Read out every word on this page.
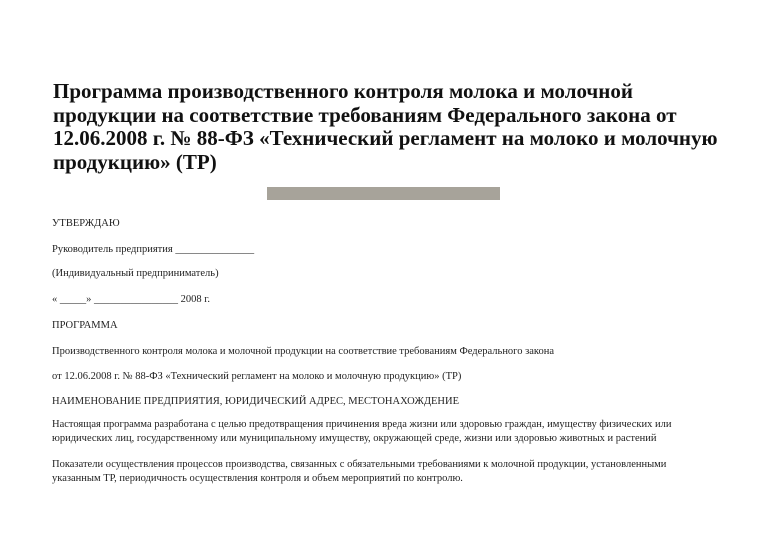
Программа производственного контроля молока и молочной продукции на соответствие требованиям Федерального закона от 12.06.2008 г. № 88-ФЗ «Технический регламент на молоко и молочную продукцию» (ТР)
УТВЕРЖДАЮ
Руководитель предприятия _______________
(Индивидуальный предприниматель)
« _____» ________________ 2008 г.
ПРОГРАММА
Производственного контроля молока и молочной продукции на соответствие требованиям Федерального закона
от 12.06.2008 г. № 88-ФЗ «Технический регламент на молоко и молочную продукцию» (ТР)
НАИМЕНОВАНИЕ ПРЕДПРИЯТИЯ, ЮРИДИЧЕСКИЙ АДРЕС, МЕСТОНАХОЖДЕНИЕ
Настоящая программа разработана с целью предотвращения причинения вреда жизни или здоровью граждан, имуществу физических или юридических лиц, государственному или муниципальному имуществу, окружающей среде, жизни или здоровью животных и растений
Показатели осуществления процессов производства, связанных с обязательными требованиями к молочной продукции, установленными указанным ТР, периодичность осуществления контроля и объем мероприятий по контролю.
